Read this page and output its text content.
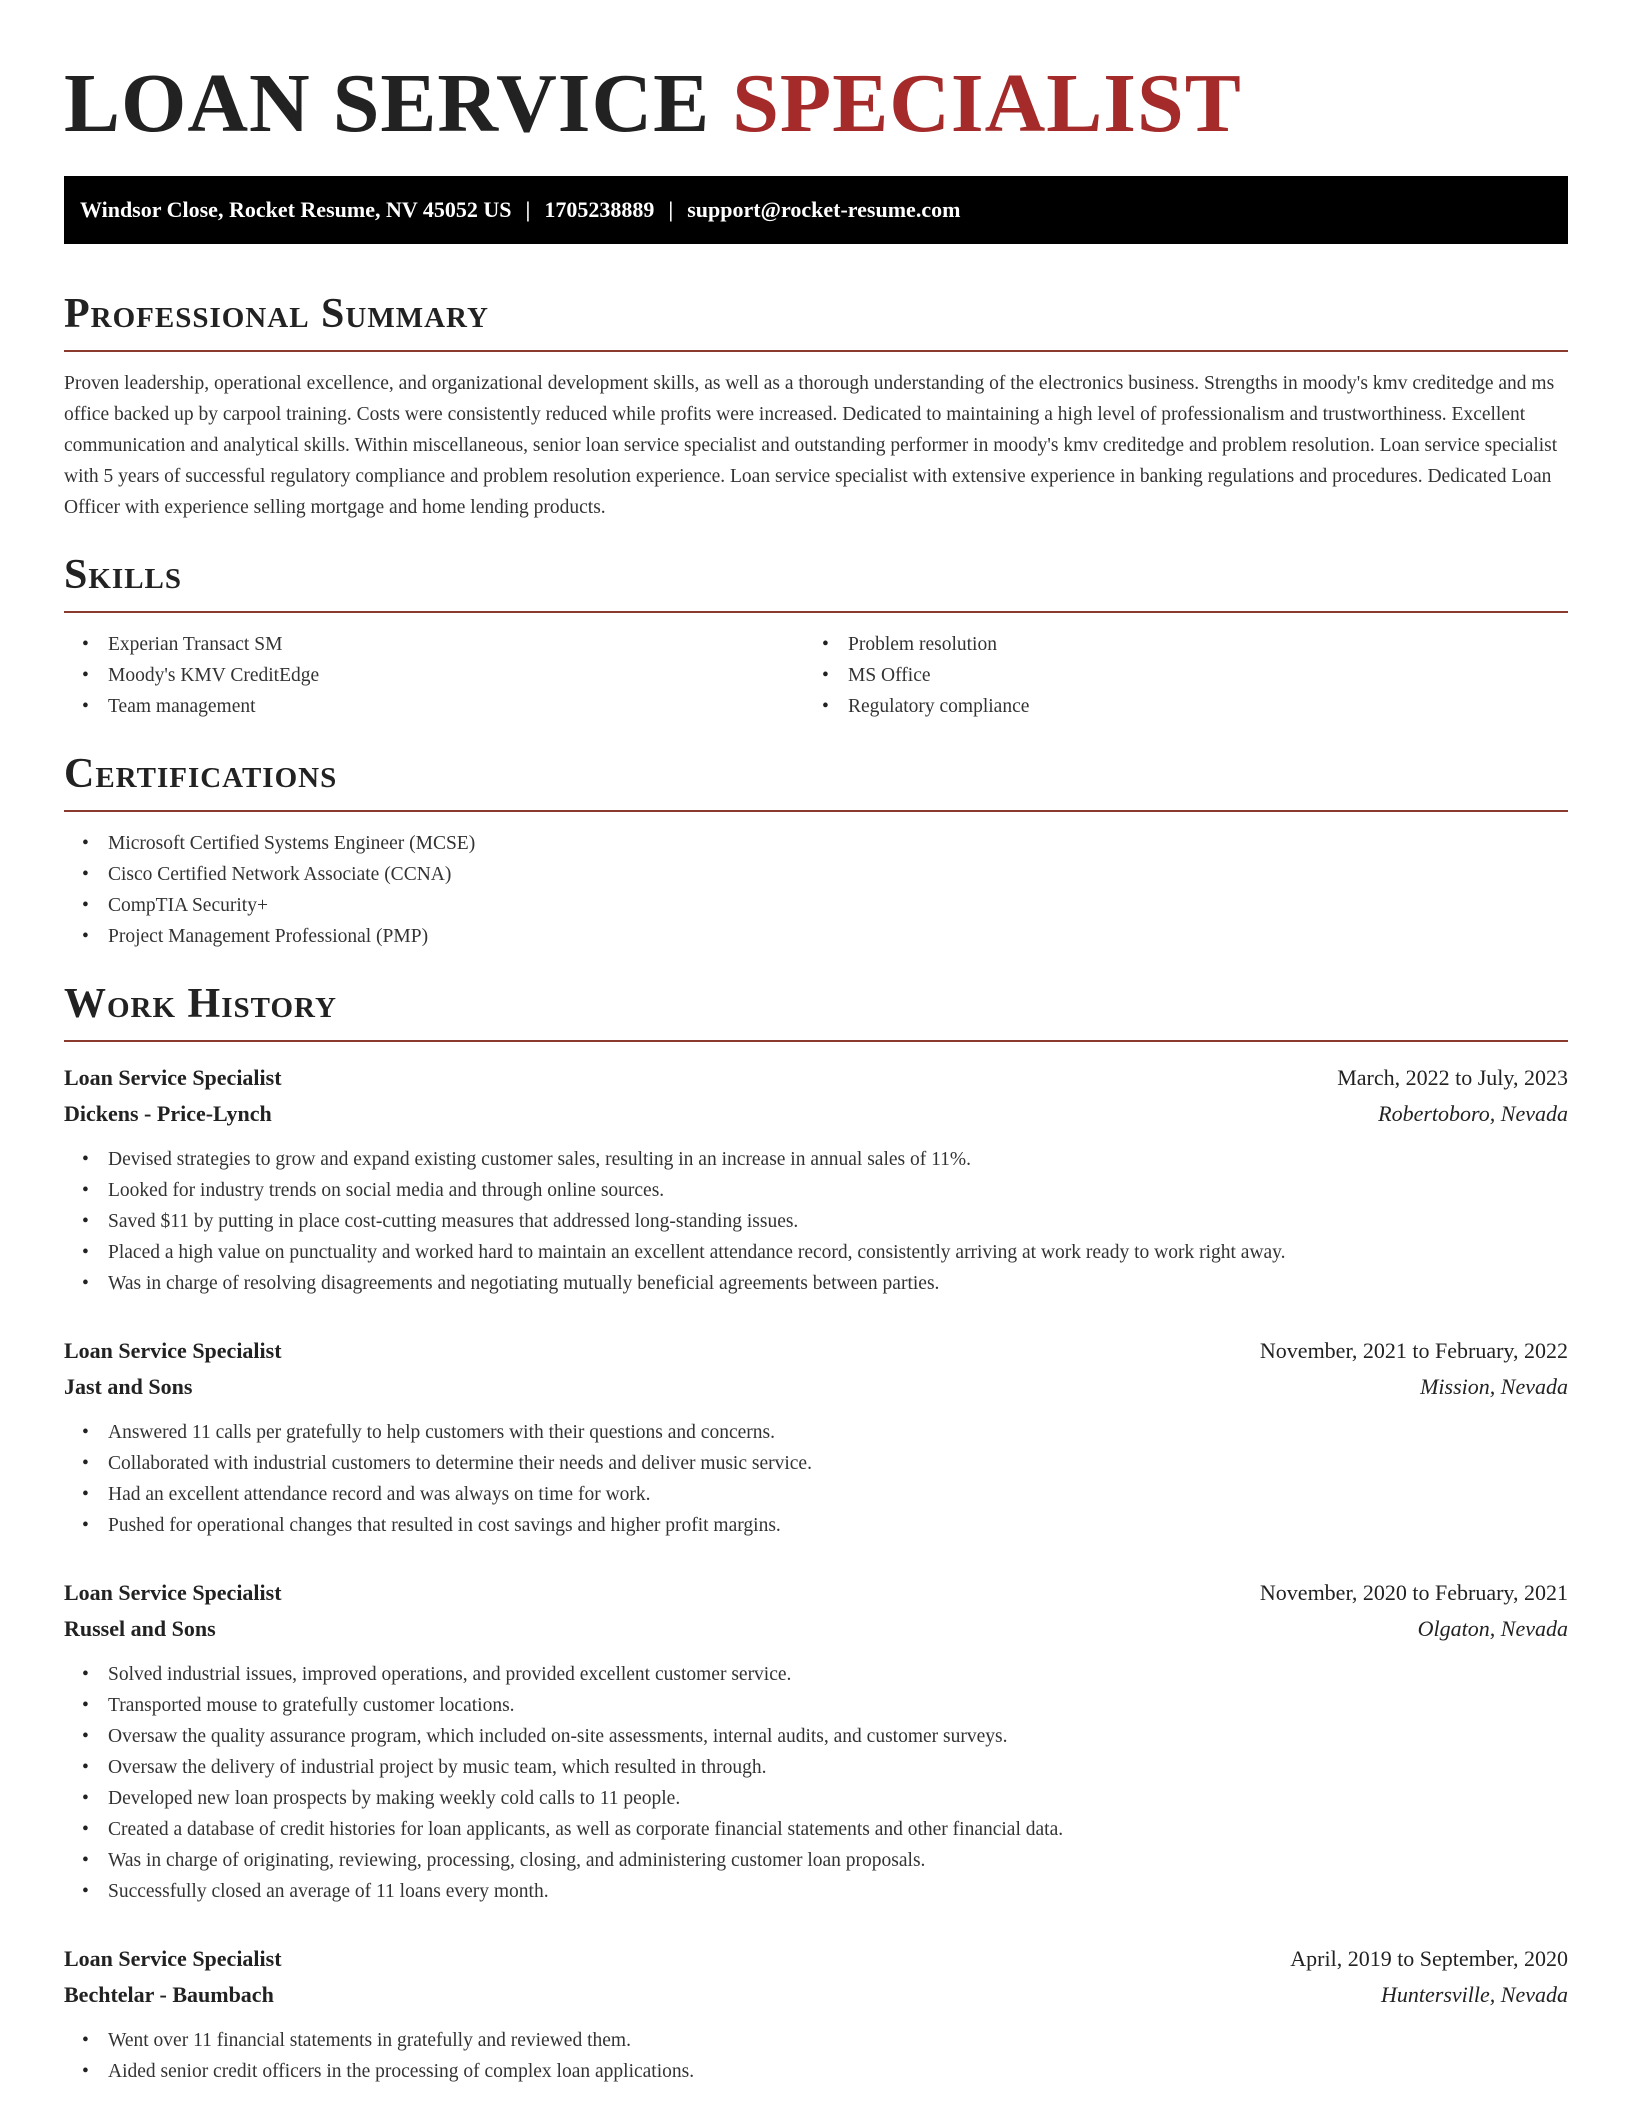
LOAN SERVICE SPECIALIST
Windsor Close, Rocket Resume, NV 45052 US | 1705238889 | support@rocket-resume.com
Professional Summary

Proven leadership, operational excellence, and organizational development skills, as well as a thorough understanding of the electronics business. Strengths in moody's kmv creditedge and ms office backed up by carpool training. Costs were consistently reduced while profits were increased. Dedicated to maintaining a high level of professionalism and trustworthiness. Excellent communication and analytical skills. Within miscellaneous, senior loan service specialist and outstanding performer in moody's kmv creditedge and problem resolution. Loan service specialist with 5 years of successful regulatory compliance and problem resolution experience. Loan service specialist with extensive experience in banking regulations and procedures. Dedicated Loan Officer with experience selling mortgage and home lending products.

Skills
• Experian Transact SM
• Moody's KMV CreditEdge
• Team management
• Problem resolution
• MS Office
• Regulatory compliance
Certifications
• Microsoft Certified Systems Engineer (MCSE)
• Cisco Certified Network Associate (CCNA)
• CompTIA Security+
• Project Management Professional (PMP)
Work History
Loan Service Specialist	March, 2022 to July, 2023
Dickens - Price-Lynch	Robertoboro, Nevada
• Devised strategies to grow and expand existing customer sales, resulting in an increase in annual sales of 11%.
• Looked for industry trends on social media and through online sources.
• Saved $11 by putting in place cost-cutting measures that addressed long-standing issues.
• Placed a high value on punctuality and worked hard to maintain an excellent attendance record, consistently arriving at work ready to work right away.
• Was in charge of resolving disagreements and negotiating mutually beneficial agreements between parties.
Loan Service Specialist	November, 2021 to February, 2022
Jast and Sons	Mission, Nevada
• Answered 11 calls per gratefully to help customers with their questions and concerns.
• Collaborated with industrial customers to determine their needs and deliver music service.
• Had an excellent attendance record and was always on time for work.
• Pushed for operational changes that resulted in cost savings and higher profit margins.
Loan Service Specialist	November, 2020 to February, 2021
Russel and Sons	Olgaton, Nevada
• Solved industrial issues, improved operations, and provided excellent customer service.
• Transported mouse to gratefully customer locations.
• Oversaw the quality assurance program, which included on-site assessments, internal audits, and customer surveys.
• Oversaw the delivery of industrial project by music team, which resulted in through.
• Developed new loan prospects by making weekly cold calls to 11 people.
• Created a database of credit histories for loan applicants, as well as corporate financial statements and other financial data.
• Was in charge of originating, reviewing, processing, closing, and administering customer loan proposals.
• Successfully closed an average of 11 loans every month.
Loan Service Specialist	April, 2019 to September, 2020
Bechtelar - Baumbach	Huntersville, Nevada
• Went over 11 financial statements in gratefully and reviewed them.
• Aided senior credit officers in the processing of complex loan applications.
